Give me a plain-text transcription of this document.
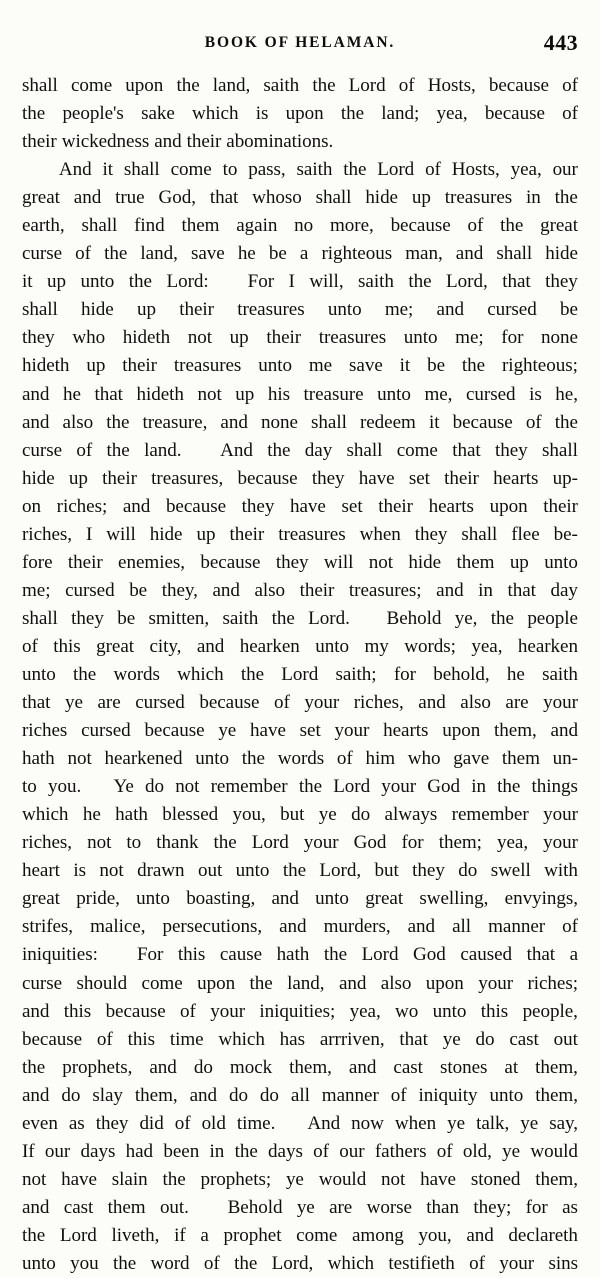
BOOK OF HELAMAN.	443
shall come upon the land, saith the Lord of Hosts, because of
the people's sake which is upon the land; yea, because of
their wickedness and their abominations.
And it shall come to pass, saith the Lord of Hosts, yea, our
great and true God, that whoso shall hide up treasures in the
earth, shall find them again no more, because of the great
curse of the land, save he be a righteous man, and shall hide
it up unto the Lord: For I will, saith the Lord, that they
shall hide up their treasures unto me; and cursed be
they who hideth not up their treasures unto me; for none
hideth up their treasures unto me save it be the righteous;
and he that hideth not up his treasure unto me, cursed is he,
and also the treasure, and none shall redeem it because of the
curse of the land. And the day shall come that they shall
hide up their treasures, because they have set their hearts up-
on riches; and because they have set their hearts upon their
riches, I will hide up their treasures when they shall flee be-
fore their enemies, because they will not hide them up unto
me; cursed be they, and also their treasures; and in that day
shall they be smitten, saith the Lord. Behold ye, the people
of this great city, and hearken unto my words; yea, hearken
unto the words which the Lord saith; for behold, he saith
that ye are cursed because of your riches, and also are your
riches cursed because ye have set your hearts upon them, and
hath not hearkened unto the words of him who gave them un-
to you. Ye do not remember the Lord your God in the things
which he hath blessed you, but ye do always remember your
riches, not to thank the Lord your God for them; yea, your
heart is not drawn out unto the Lord, but they do swell with
great pride, unto boasting, and unto great swelling, envyings,
strifes, malice, persecutions, and murders, and all manner of
iniquities: For this cause hath the Lord God caused that a
curse should come upon the land, and also upon your riches;
and this because of your iniquities; yea, wo unto this people,
because of this time which has arrriven, that ye do cast out
the prophets, and do mock them, and cast stones at them,
and do slay them, and do do all manner of iniquity unto them,
even as they did of old time. And now when ye talk, ye say,
If our days had been in the days of our fathers of old, ye would
not have slain the prophets; ye would not have stoned them,
and cast them out. Behold ye are worse than they; for as
the Lord liveth, if a prophet come among you, and declareth
unto you the word of the Lord, which testifieth of your sins
